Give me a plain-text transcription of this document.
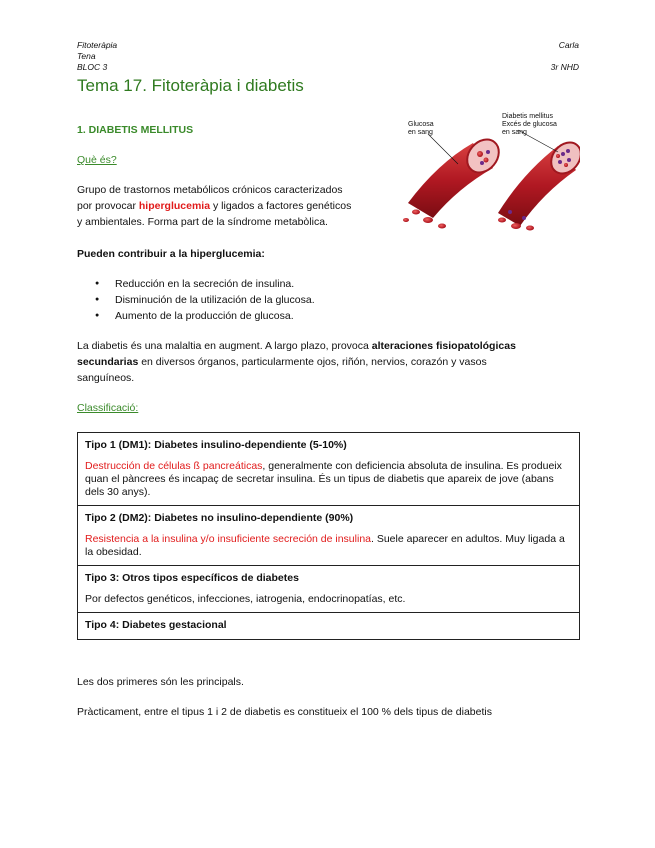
Fitoteràpia
Tena
BLOC 3
Carla
3r NHD
Tema 17. Fitoteràpia i diabetis
1. DIABETIS MELLITUS
Què és?
Grupo de trastornos metabólicos crónicos caracterizados
por provocar hiperglucemia y ligados a factores genéticos
y ambientales. Forma part de la síndrome metabòlica.
Glucosa
en sang
Diabetis mellitus
Excés de glucosa
en sang
Pueden contribuir a la hiperglucemia:
● Reducción en la secreción de insulina.
● Disminución de la utilización de la glucosa.
● Aumento de la producción de glucosa.
La diabetis és una malaltia en augment. A largo plazo, provoca alteraciones fisiopatológicas
secundarias en diversos órganos, particularmente ojos, riñón, nervios, corazón y vasos
sanguíneos.
Classificació:
Tipo 1 (DM1): Diabetes insulino-dependiente (5-10%)
Destrucción de células ß pancreáticas, generalmente con deficiencia absoluta de insulina. Es produeix quan el pàncrees és incapaç de secretar insulina. És un tipus de diabetis que apareix de jove (abans dels 30 anys).

Tipo 2 (DM2): Diabetes no insulino-dependiente (90%)
Resistencia a la insulina y/o insuficiente secreción de insulina. Suele aparecer en adultos. Muy ligada a la obesidad.

Tipo 3: Otros tipos específicos de diabetes
Por defectos genéticos, infecciones, iatrogenia, endocrinopatías, etc.

Tipo 4: Diabetes gestacional
Les dos primeres són les principals.
Pràcticament, entre el tipus 1 i 2 de diabetis es constitueix el 100 % dels tipus de diabetis
